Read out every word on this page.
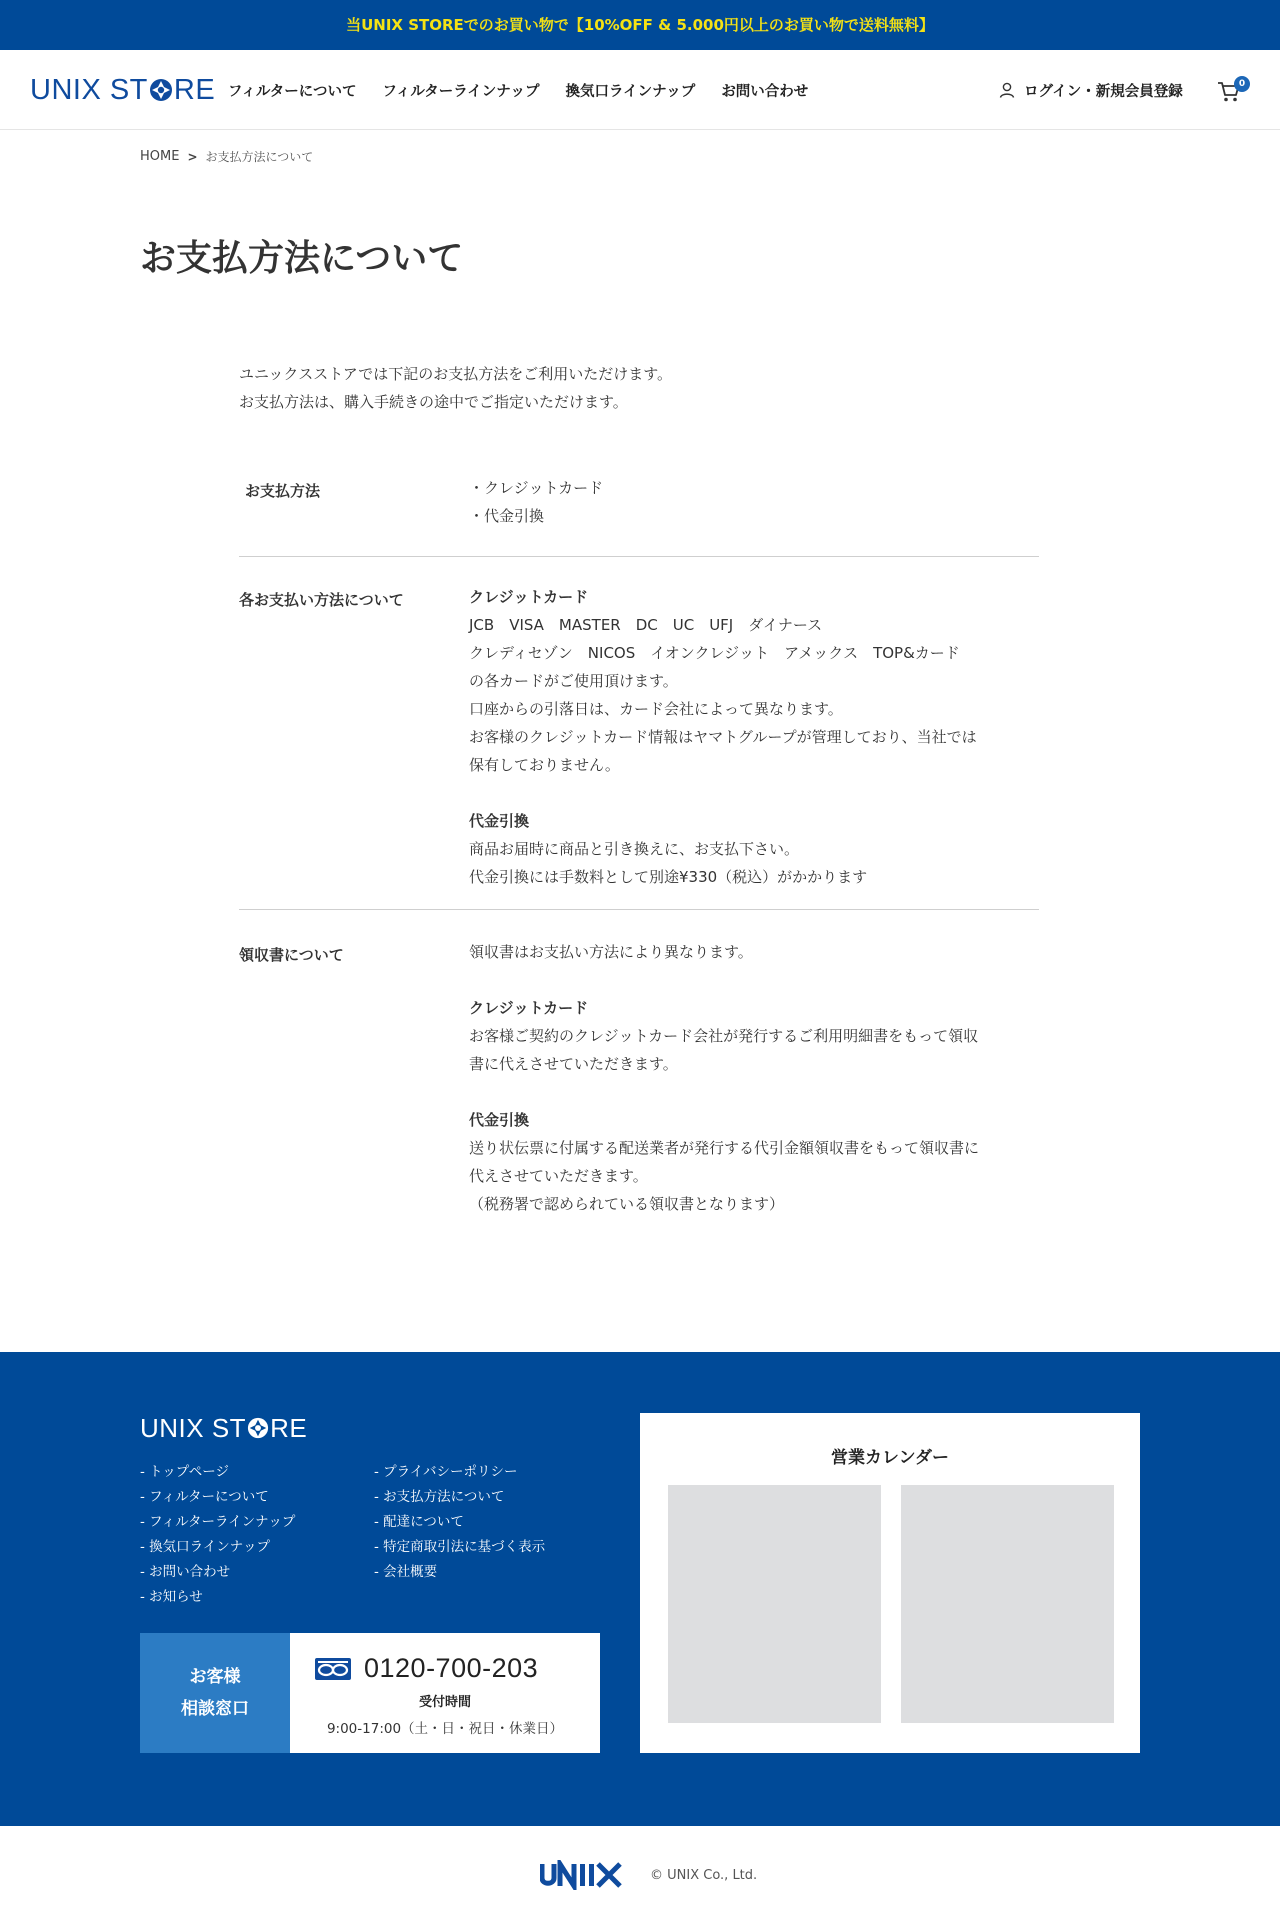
当UNIX STOREでのお買い物で【10%OFF & 5.000円以上のお買い物で送料無料】
UNIX ST RE フィルターについて フィルターラインナップ 換気口ラインナップ お問い合わせ	ログイン・新規会員登録	0
HOME > お支払方法について
お支払方法について

ユニックスストアでは下記のお支払方法をご利用いただけます。

お支払方法は、購入手続きの途中でご指定いただけます。

お支払方法	・クレジットカード

・代金引換

各お支払い方法について	クレジットカード

JCB　VISA　MASTER　DC　UC　UFJ　ダイナース

クレディセゾン　NICOS　イオンクレジット　アメックス　TOP&カード

の各カードがご使用頂けます。

口座からの引落日は、カード会社によって異なります。

お客様のクレジットカード情報はヤマトグループが管理しており、当社では

保有しておりません。

代金引換

商品お届時に商品と引き換えに、お支払下さい。

代金引換には手数料として別途¥330（税込）がかかります

領収書について	領収書はお支払い方法により異なります。

クレジットカード

お客様ご契約のクレジットカード会社が発行するご利用明細書をもって領収

書に代えさせていただきます。

代金引換

送り状伝票に付属する配送業者が発行する代引金額領収書をもって領収書に

代えさせていただきます。

（税務署で認められている領収書となります）

UNIX ST RE
- トップページ
- フィルターについて
- フィルターラインナップ
- 換気口ラインナップ
- お問い合わせ
- お知らせ
- プライバシーポリシー
- お支払方法について
- 配達について
- 特定商取引法に基づく表示
- 会社概要
お客様
相談窓口
0120-700-203
受付時間
9:00-17:00（土・日・祝日・休業日）
営業カレンダー
© UNIX Co., Ltd.
